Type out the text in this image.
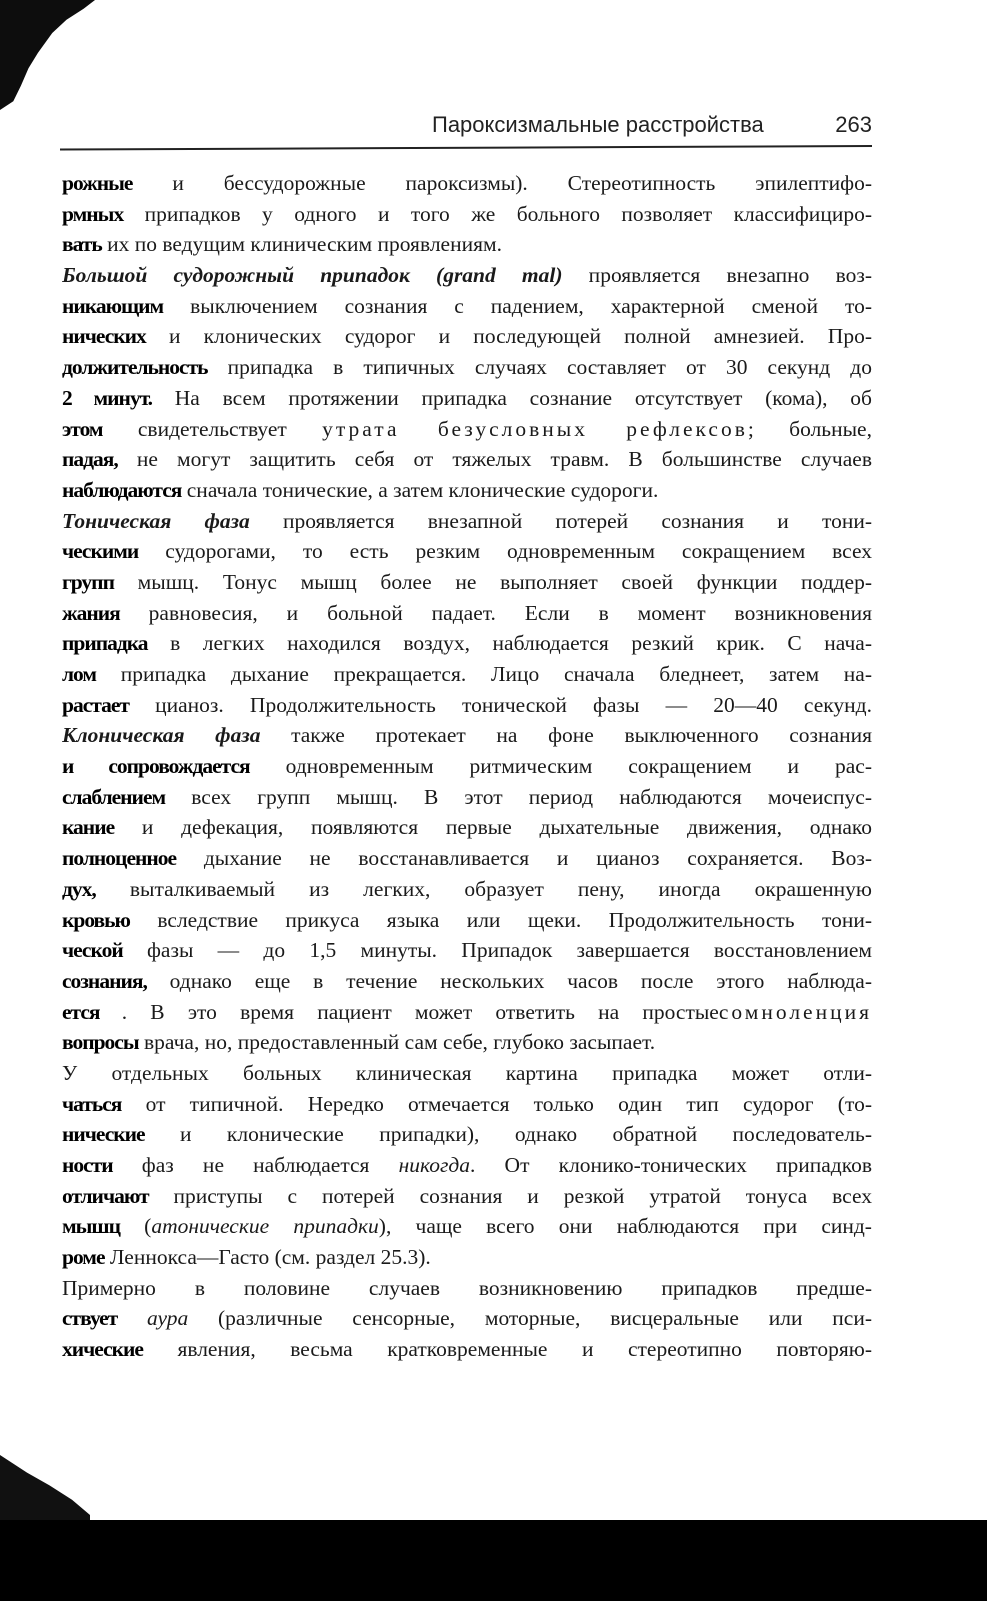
Пароксизмальные расстройства	263
рожные и бессудорожные пароксизмы). Стереотипность эпилептифо-
рмных припадков у одного и того же больного позволяет классифициро-
вать их по ведущим клиническим проявлениям.
Большой судорожный припадок (grand mal) проявляется внезапно воз-
никающим выключением сознания с падением, характерной сменой то-
нических и клонических судорог и последующей полной амнезией. Про-
должительность припадка в типичных случаях составляет от 30 секунд до
2 минут. На всем протяжении припадка сознание отсутствует (кома), об
этом свидетельствует утрата безусловных рефлексов; больные,
падая, не могут защитить себя от тяжелых травм. В большинстве случаев
наблюдаются сначала тонические, а затем клонические судороги.
Тоническая фаза проявляется внезапной потерей сознания и тони-
ческими судорогами, то есть резким одновременным сокращением всех
групп мышц. Тонус мышц более не выполняет своей функции поддер-
жания равновесия, и больной падает. Если в момент возникновения
припадка в легких находился воздух, наблюдается резкий крик. С нача-
лом припадка дыхание прекращается. Лицо сначала бледнеет, затем на-
растает цианоз. Продолжительность тонической фазы — 20—40 секунд.
Клоническая фаза также протекает на фоне выключенного сознания
и сопровождается одновременным ритмическим сокращением и рас-
слаблением всех групп мышц. В этот период наблюдаются мочеиспус-
кание и дефекация, появляются первые дыхательные движения, однако
полноценное дыхание не восстанавливается и цианоз сохраняется. Воз-
дух, выталкиваемый из легких, образует пену, иногда окрашенную
кровью вследствие прикуса языка или щеки. Продолжительность тони-
ческой фазы — до 1,5 минуты. Припадок завершается восстановлением
сознания, однако еще в течение нескольких часов после этого наблюда-
ется . В это время пациент может ответить на простыесомноленция
вопросы врача, но, предоставленный сам себе, глубоко засыпает.
У отдельных больных клиническая картина припадка может отли-
чаться от типичной. Нередко отмечается только один тип судорог (то-
нические и клонические припадки), однако обратной последователь-
ности фаз не наблюдается никогда. От клонико-тонических припадков
отличают приступы с потерей сознания и резкой утратой тонуса всех
мышц (атонические припадки), чаще всего они наблюдаются при синд-
роме Леннокса—Гасто (см. раздел 25.3).
Примерно в половине случаев возникновению припадков предше-
ствует аура (различные сенсорные, моторные, висцеральные или пси-
хические явления, весьма кратковременные и стереотипно повторяю-
